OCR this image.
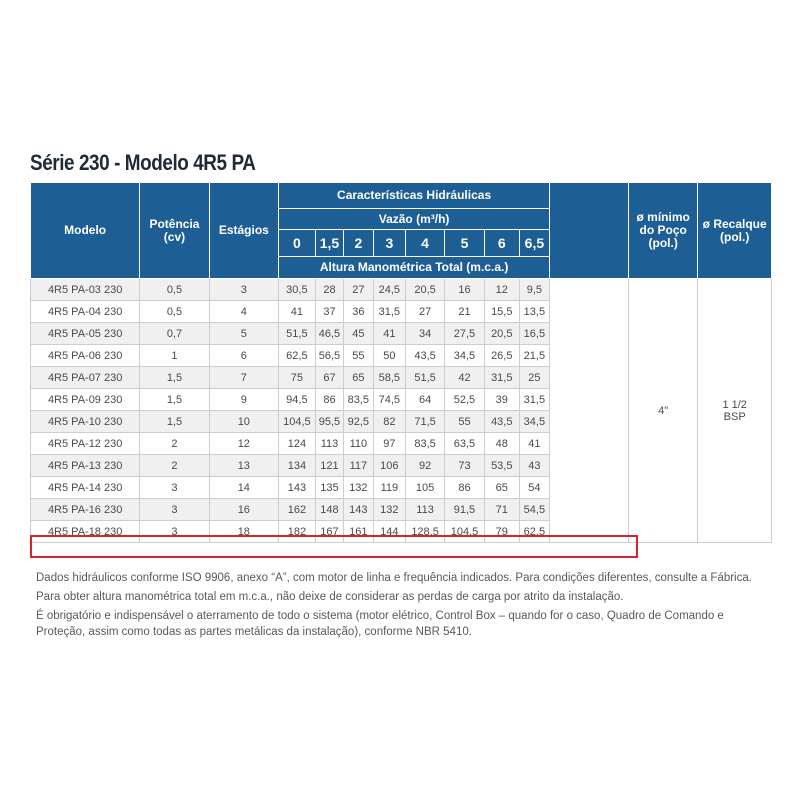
Série 230 - Modelo 4R5 PA
Modelo	Potência (cv)	Estágios	Características Hidráulicas									ø mínimo do Poço (pol.)	ø Recalque (pol.)
			Vazão (m³/h)										
			0	1,5	2	3	4	5	6	6,5			
			Altura Manométrica Total (m.c.a.)										
4R5 PA-03 230	0,5	3	30,5	28	27	24,5	20,5	16	12	9,5		4"	1 1/2
BSP

4R5 PA-04 230	0,5	4	41	37	36	31,5	27	21	15,5	13,5			
4R5 PA-05 230	0,7	5	51,5	46,5	45	41	34	27,5	20,5	16,5			
4R5 PA-06 230	1	6	62,5	56,5	55	50	43,5	34,5	26,5	21,5			
4R5 PA-07 230	1,5	7	75	67	65	58,5	51,5	42	31,5	25			
4R5 PA-09 230	1,5	9	94,5	86	83,5	74,5	64	52,5	39	31,5			
4R5 PA-10 230	1,5	10	104,5	95,5	92,5	82	71,5	55	43,5	34,5			
4R5 PA-12 230	2	12	124	113	110	97	83,5	63,5	48	41			
4R5 PA-13 230	2	13	134	121	117	106	92	73	53,5	43			
4R5 PA-14 230	3	14	143	135	132	119	105	86	65	54			
4R5 PA-16 230	3	16	162	148	143	132	113	91,5	71	54,5			
4R5 PA-18 230	3	18	182	167	161	144	128,5	104,5	79	62,5			

Dados hidráulicos conforme ISO 9906, anexo “A”, com motor de linha e frequência indicados. Para condições diferentes, consulte a Fábrica.

Para obter altura manométrica total em m.c.a., não deixe de considerar as perdas de carga por atrito da instalação.

É obrigatório e indispensável o aterramento de todo o sistema (motor elétrico, Control Box – quando for o caso, Quadro de Comando e Proteção, assim como todas as partes metálicas da instalação), conforme NBR 5410.
